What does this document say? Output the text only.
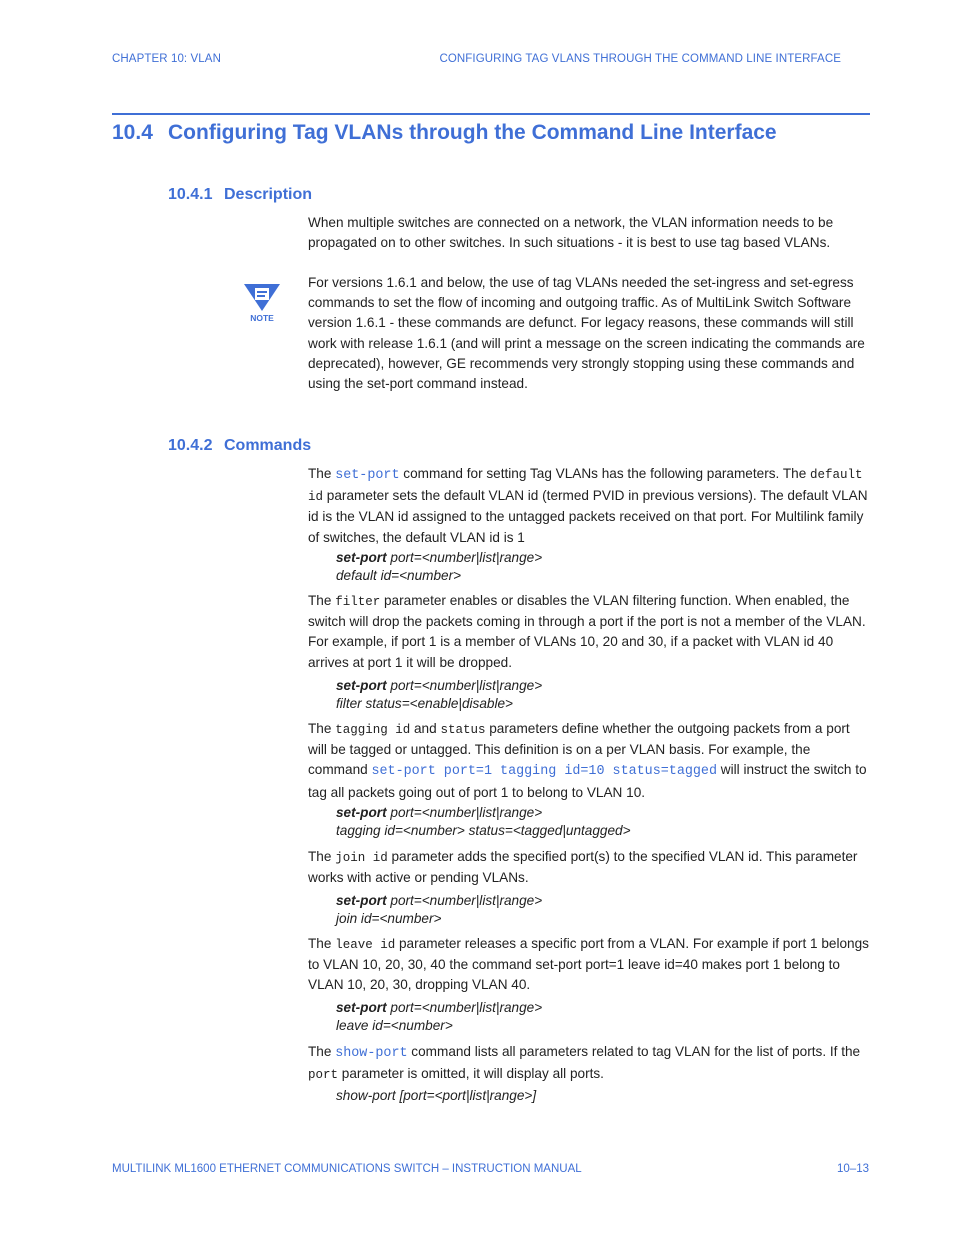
CHAPTER 10: VLAN	CONFIGURING TAG VLANS THROUGH THE COMMAND LINE INTERFACE
10.4 Configuring Tag VLANs through the Command Line Interface
10.4.1 Description

When multiple switches are connected on a network, the VLAN information needs to be propagated on to other switches. In such situations - it is best to use tag based VLANs.

NOTE

For versions 1.6.1 and below, the use of tag VLANs needed the set-ingress and set-egress commands to set the flow of incoming and outgoing traffic. As of MultiLink Switch Software version 1.6.1 - these commands are defunct. For legacy reasons, these commands will still work with release 1.6.1 (and will print a message on the screen indicating the commands are deprecated), however, GE recommends very strongly stopping using these commands and using the set-port command instead.

10.4.2 Commands

The set-port command for setting Tag VLANs has the following parameters. The default id parameter sets the default VLAN id (termed PVID in previous versions). The default VLAN id is the VLAN id assigned to the untagged packets received on that port. For Multilink family of switches, the default VLAN id is 1

set-port port=<number|list|range>
default id=<number>

The filter parameter enables or disables the VLAN filtering function. When enabled, the switch will drop the packets coming in through a port if the port is not a member of the VLAN. For example, if port 1 is a member of VLANs 10, 20 and 30, if a packet with VLAN id 40 arrives at port 1 it will be dropped.

set-port port=<number|list|range>
filter status=<enable|disable>

The tagging id and status parameters define whether the outgoing packets from a port will be tagged or untagged. This definition is on a per VLAN basis. For example, the command set-port port=1 tagging id=10 status=tagged will instruct the switch to tag all packets going out of port 1 to belong to VLAN 10.

set-port port=<number|list|range>
tagging id=<number> status=<tagged|untagged>

The join id parameter adds the specified port(s) to the specified VLAN id. This parameter works with active or pending VLANs.

set-port port=<number|list|range>
join id=<number>

The leave id parameter releases a specific port from a VLAN. For example if port 1 belongs to VLAN 10, 20, 30, 40 the command set-port port=1 leave id=40 makes port 1 belong to VLAN 10, 20, 30, dropping VLAN 40.

set-port port=<number|list|range>
leave id=<number>

The show-port command lists all parameters related to tag VLAN for the list of ports. If the port parameter is omitted, it will display all ports.

show-port [port=<port|list|range>]
MULTILINK ML1600 ETHERNET COMMUNICATIONS SWITCH – INSTRUCTION MANUAL	10–13
